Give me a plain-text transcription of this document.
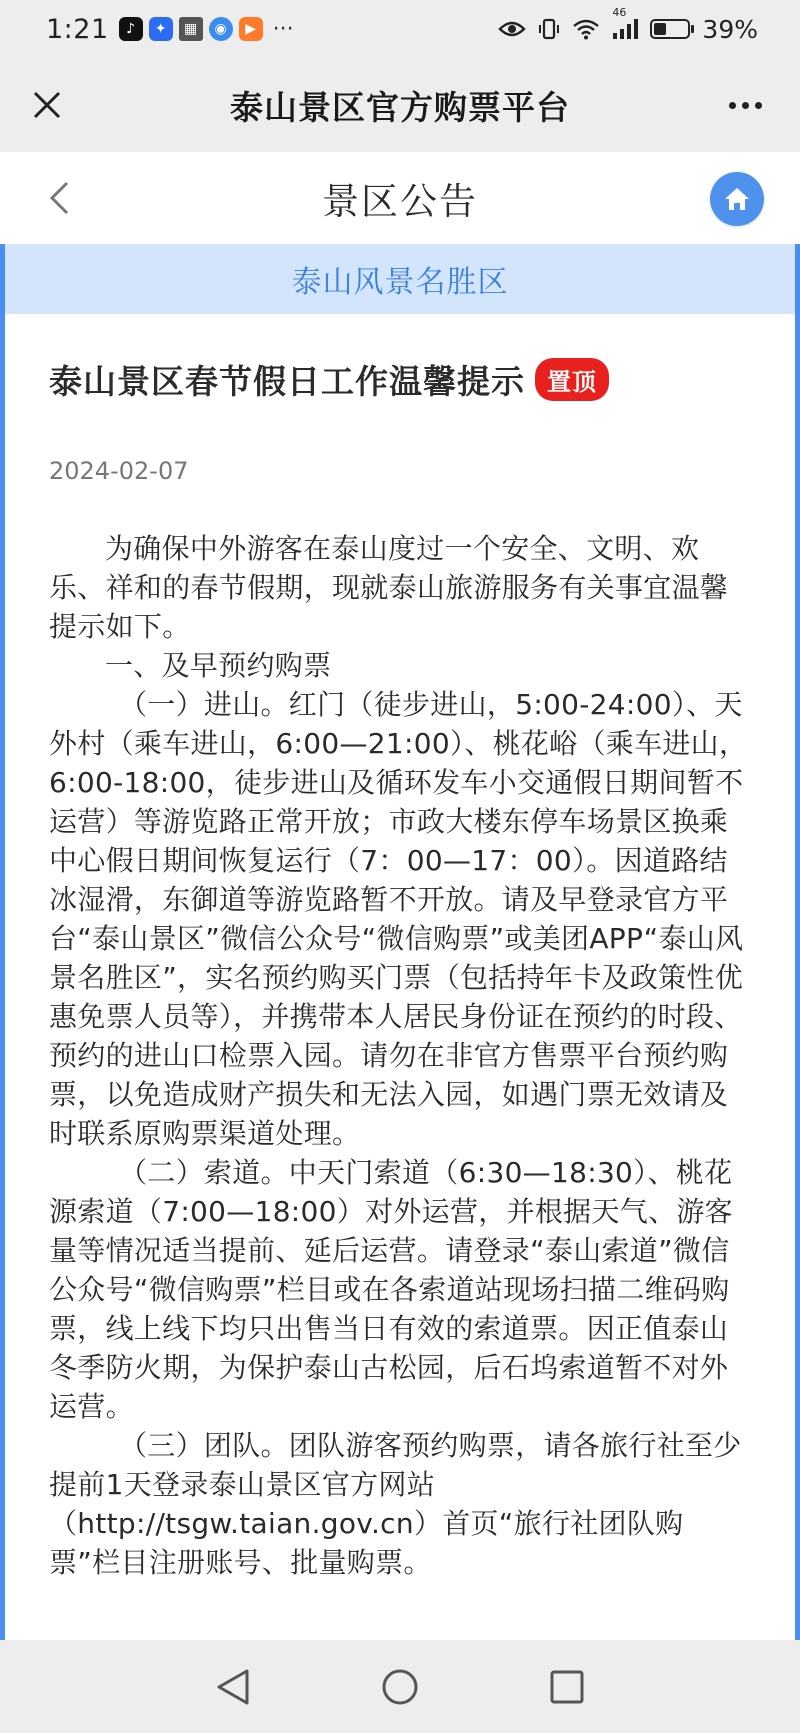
1:21	♪	✦	▦	◉	▶ ···
46
39%
泰山景区官方购票平台
景区公告
泰山风景名胜区
泰山景区春节假日工作温馨提示 置顶
2024-02-07

为确保中外游客在泰山度过一个安全、文明、欢乐、祥和的春节假期，现就泰山旅游服务有关事宜温馨提示如下。

一、及早预约购票

（一）进山。红门（徒步进山，5:00-24:00）、天外村（乘车进山，6:00—21:00）、桃花峪（乘车进山，6:00-18:00，徒步进山及循环发车小交通假日期间暂不运营）等游览路正常开放；市政大楼东停车场景区换乘中心假日期间恢复运行（7：00—17：00）。因道路结冰湿滑，东御道等游览路暂不开放。请及早登录官方平台“泰山景区”微信公众号“微信购票”或美团APP“泰山风景名胜区”，实名预约购买门票（包括持年卡及政策性优惠免票人员等），并携带本人居民身份证在预约的时段、预约的进山口检票入园。请勿在非官方售票平台预约购票，以免造成财产损失和无法入园，如遇门票无效请及时联系原购票渠道处理。

（二）索道。中天门索道（6:30—18:30）、桃花源索道（7:00—18:00）对外运营，并根据天气、游客量等情况适当提前、延后运营。请登录“泰山索道”微信公众号“微信购票”栏目或在各索道站现场扫描二维码购票，线上线下均只出售当日有效的索道票。因正值泰山冬季防火期，为保护泰山古松园，后石坞索道暂不对外运营。

（三）团队。团队游客预约购票，请各旅行社至少提前1天登录泰山景区官方网站（http://tsgw.taian.gov.cn）首页“旅行社团队购票”栏目注册账号、批量购票。
